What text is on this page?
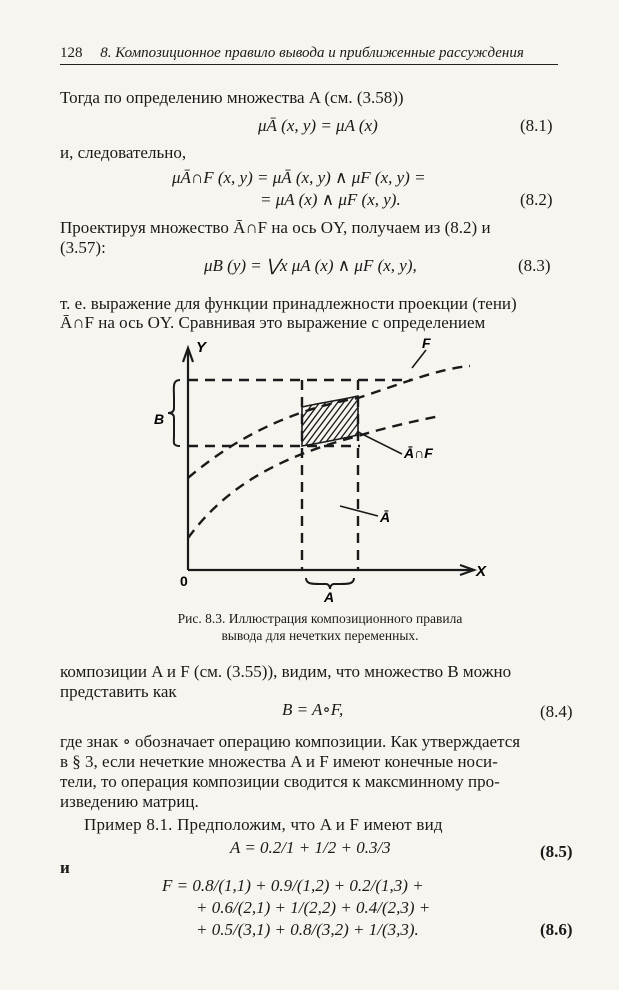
128 8. Композиционное правило вывода и приближенные рассуждения
Тогда по определению множества A (см. (3.58))
μĀ (x, y) = μA (x)	(8.1)
и, следовательно,
μĀ∩F (x, y) = μĀ (x, y) ∧ μF (x, y) =
= μA (x) ∧ μF (x, y).	(8.2)
Проектируя множество Ā∩F на ось OY, получаем из (8.2) и
(3.57):
μB (y) = ⋁x μA (x) ∧ μF (x, y),	(8.3)
т. е. выражение для функции принадлежности проекции (тени)
Ā∩F на ось OY. Сравнивая это выражение с определением
Y
X
0
B
A
F
Ā∩F
Ā
Рис. 8.3. Иллюстрация композиционного правила
вывода для нечетких переменных.
композиции A и F (см. (3.55)), видим, что множество B можно
представить как
B = A∘F,	(8.4)
где знак ∘ обозначает операцию композиции. Как утверждается
в § 3, если нечеткие множества A и F имеют конечные носи-
тели, то операция композиции сводится к максминному про-
изведению матриц.
Пример 8.1. Предположим, что A и F имеют вид
A = 0.2/1 + 1/2 + 0.3/3	(8.5)
и
F = 0.8/(1,1) + 0.9/(1,2) + 0.2/(1,3) +
+ 0.6/(2,1) + 1/(2,2) + 0.4/(2,3) +
+ 0.5/(3,1) + 0.8/(3,2) + 1/(3,3).	(8.6)
